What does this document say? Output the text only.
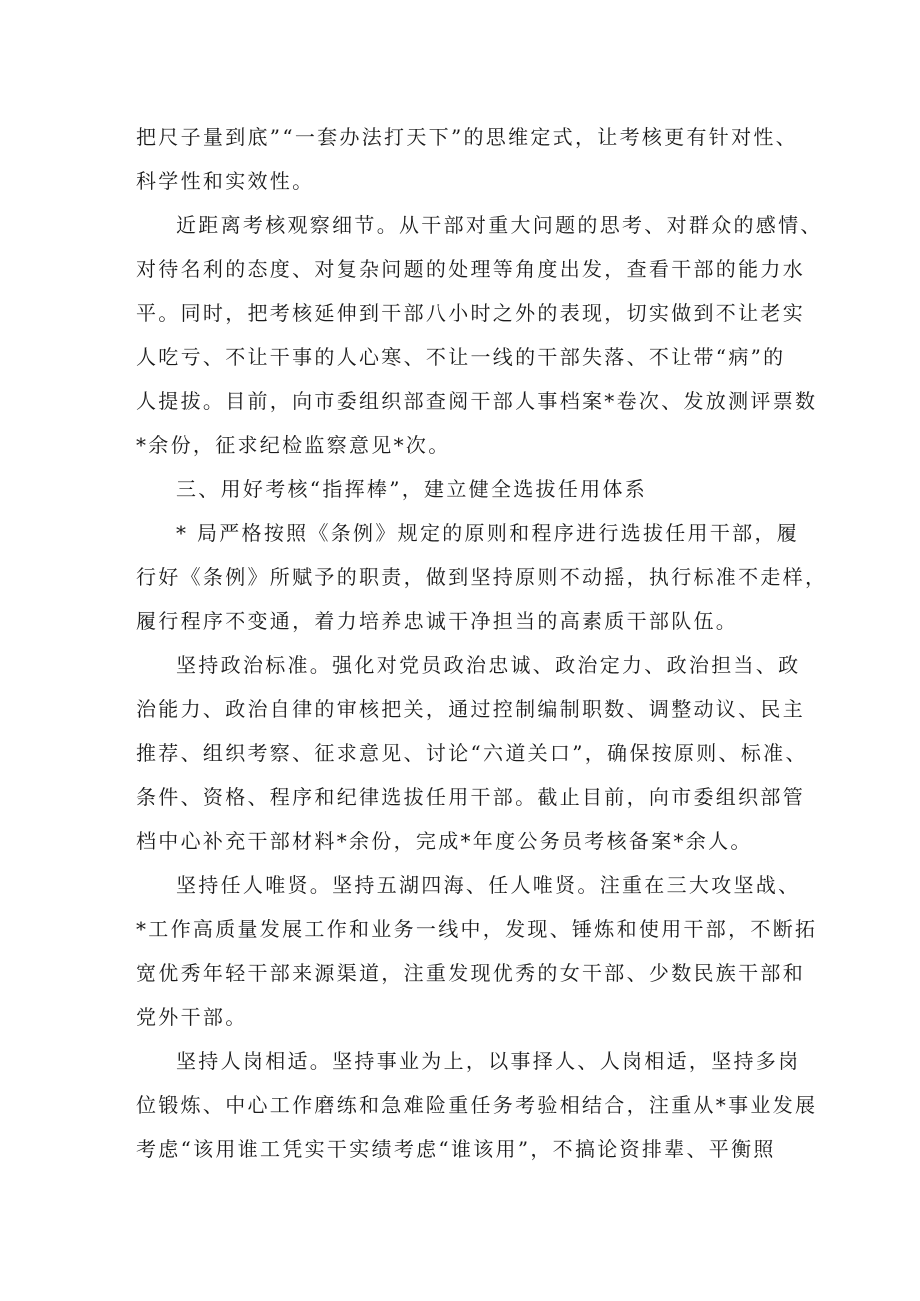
把尺子量到底”“一套办法打天下”的思维定式，让考核更有针对性、
科学性和实效性。
近距离考核观察细节。从干部对重大问题的思考、对群众的感情、
对待名利的态度、对复杂问题的处理等角度出发，查看干部的能力水
平。同时，把考核延伸到干部八小时之外的表现，切实做到不让老实
人吃亏、不让干事的人心寒、不让一线的干部失落、不让带“病”的
人提拔。目前，向市委组织部查阅干部人事档案*卷次、发放测评票数
*余份，征求纪检监察意见*次。
三、用好考核“指挥棒”，建立健全选拔任用体系
* 局严格按照《条例》规定的原则和程序进行选拔任用干部，履
行好《条例》所赋予的职责，做到坚持原则不动摇，执行标准不走样，
履行程序不变通，着力培养忠诚干净担当的高素质干部队伍。
坚持政治标准。强化对党员政治忠诚、政治定力、政治担当、政
治能力、政治自律的审核把关，通过控制编制职数、调整动议、民主
推荐、组织考察、征求意见、讨论“六道关口”，确保按原则、标准、
条件、资格、程序和纪律选拔任用干部。截止目前，向市委组织部管
档中心补充干部材料*余份，完成*年度公务员考核备案*余人。
坚持任人唯贤。坚持五湖四海、任人唯贤。注重在三大攻坚战、
*工作高质量发展工作和业务一线中，发现、锤炼和使用干部，不断拓
宽优秀年轻干部来源渠道，注重发现优秀的女干部、少数民族干部和
党外干部。
坚持人岗相适。坚持事业为上，以事择人、人岗相适，坚持多岗
位锻炼、中心工作磨练和急难险重任务考验相结合，注重从*事业发展
考虑“该用谁工凭实干实绩考虑“谁该用”，不搞论资排辈、平衡照
